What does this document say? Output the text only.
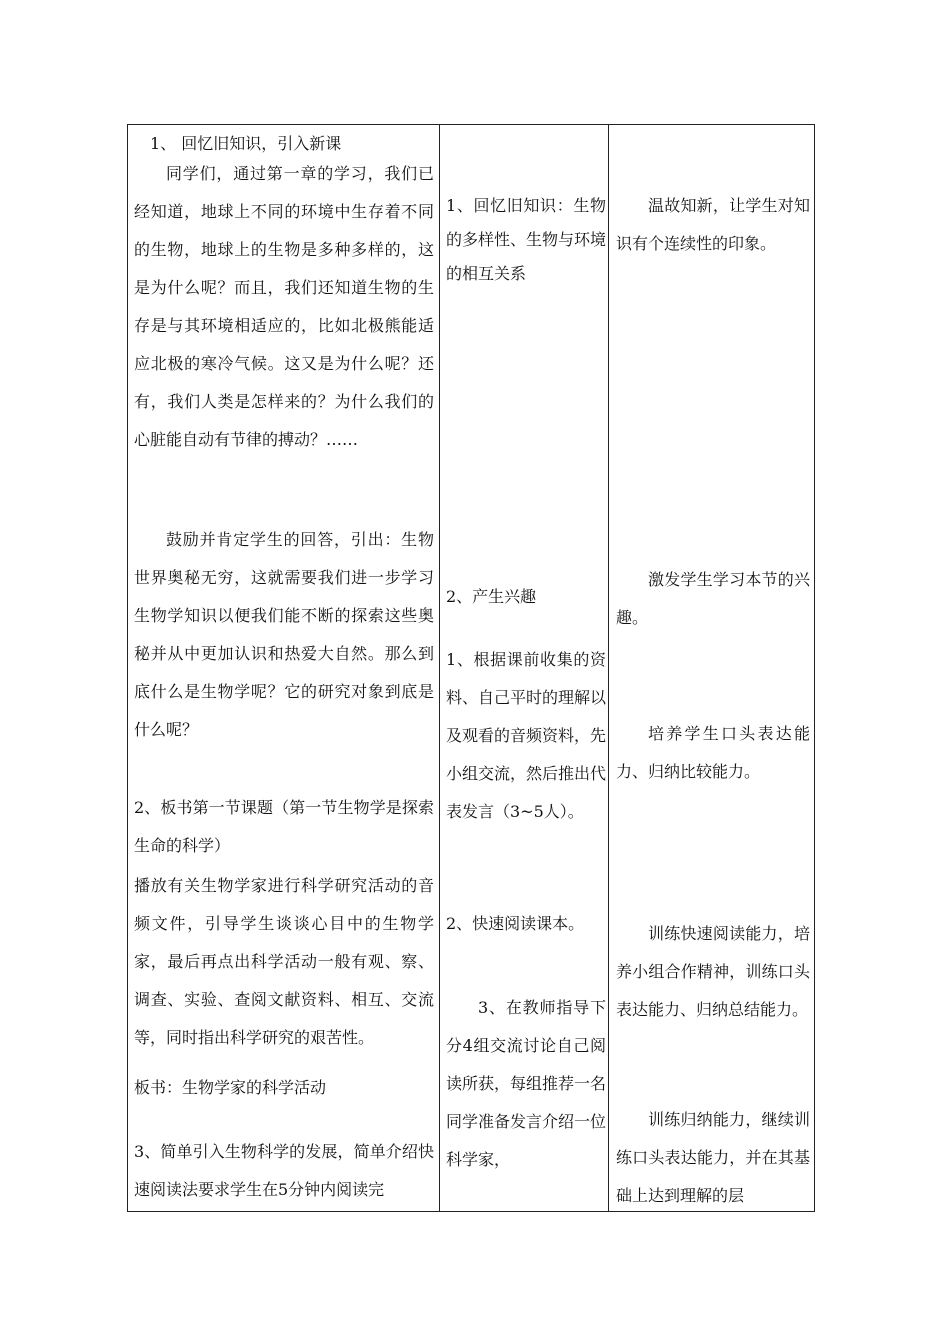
1、 回忆旧知识，引入新课

同学们，通过第一章的学习，我们已经知道，地球上不同的环境中生存着不同的生物，地球上的生物是多种多样的，这是为什么呢？而且，我们还知道生物的生存是与其环境相适应的，比如北极熊能适应北极的寒冷气候。这又是为什么呢？还有，我们人类是怎样来的？为什么我们的心脏能自动有节律的搏动？……

鼓励并肯定学生的回答，引出：生物世界奥秘无穷，这就需要我们进一步学习生物学知识以便我们能不断的探索这些奥秘并从中更加认识和热爱大自然。那么到底什么是生物学呢？它的研究对象到底是什么呢？

2、板书第一节课题（第一节生物学是探索生命的科学）

播放有关生物学家进行科学研究活动的音频文件，引导学生谈谈心目中的生物学家，最后再点出科学活动一般有观、察、调查、实验、查阅文献资料、相互、交流等，同时指出科学研究的艰苦性。

板书：生物学家的科学活动

3、简单引入生物科学的发展，简单介绍快速阅读法要求学生在5分钟内阅读完

1、回忆旧知识：生物的多样性、生物与环境的相互关系

2、产生兴趣

1、根据课前收集的资料、自己平时的理解以及观看的音频资料，先小组交流，然后推出代表发言（3~5人）。

2、快速阅读课本。

3、在教师指导下分4组交流讨论自己阅读所获，每组推荐一名同学准备发言介绍一位科学家，

温故知新，让学生对知识有个连续性的印象。

激发学生学习本节的兴趣。

培养学生口头表达能力、归纳比较能力。

训练快速阅读能力，培养小组合作精神，训练口头表达能力、归纳总结能力。

训练归纳能力，继续训练口头表达能力，并在其基础上达到理解的层
